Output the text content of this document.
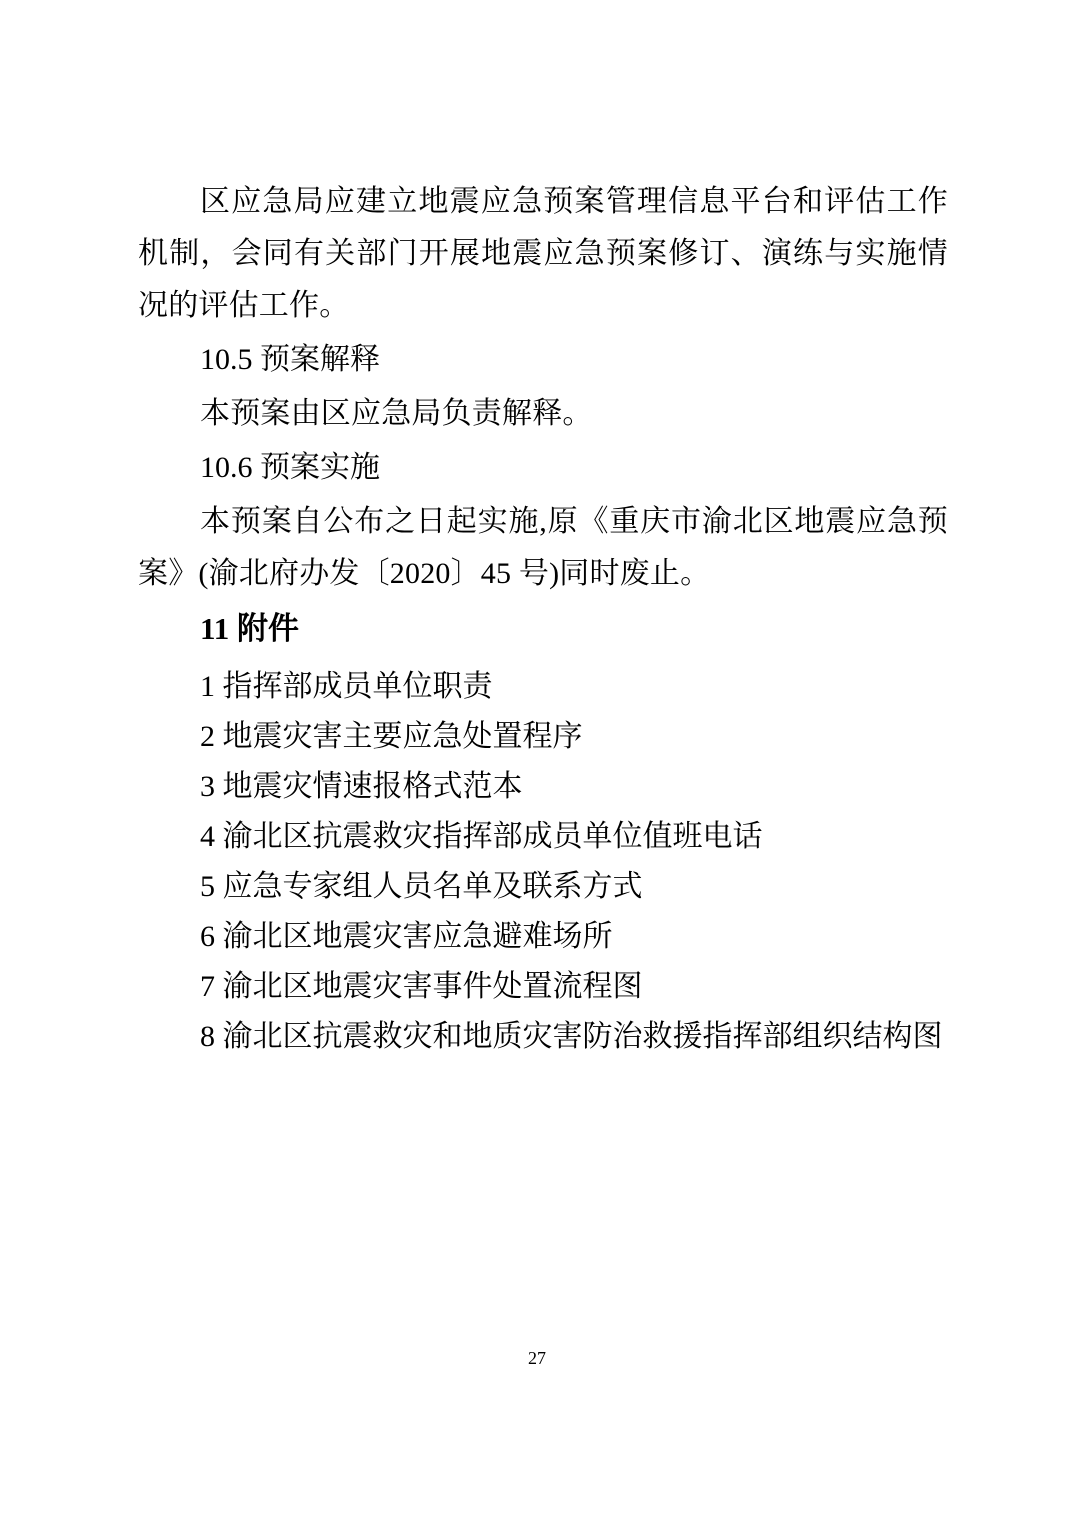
区应急局应建立地震应急预案管理信息平台和评估工作机制，会同有关部门开展地震应急预案修订、演练与实施情况的评估工作。

10.5 预案解释

本预案由区应急局负责解释。

10.6 预案实施

本预案自公布之日起实施,原《重庆市渝北区地震应急预案》(渝北府办发〔2020〕45 号)同时废止。

11 附件

1 指挥部成员单位职责

2 地震灾害主要应急处置程序

3 地震灾情速报格式范本

4 渝北区抗震救灾指挥部成员单位值班电话

5 应急专家组人员名单及联系方式

6 渝北区地震灾害应急避难场所

7 渝北区地震灾害事件处置流程图

8 渝北区抗震救灾和地质灾害防治救援指挥部组织结构图

27
